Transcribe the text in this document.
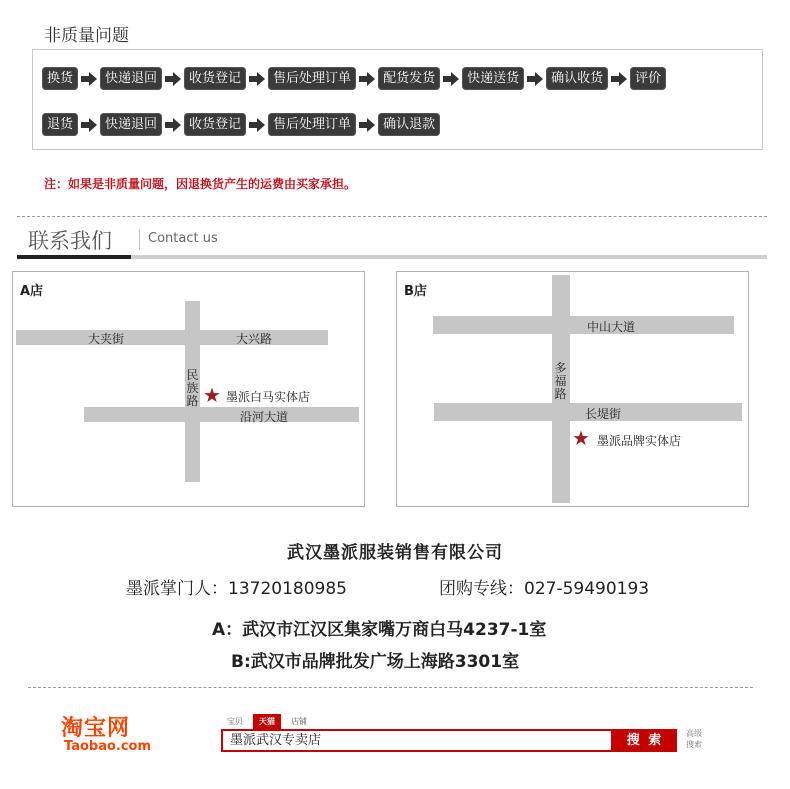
非质量问题
换货	快递退回	收货登记	售后处理订单	配货发货	快递送货	确认收货	评价
退货	快递退回	收货登记	售后处理订单	确认退款
注：如果是非质量问题，因退换货产生的运费由买家承担。
联系我们	Contact us
A店
大夹街	大兴路
民族路
沿河大道
★ 墨派白马实体店
B店
中山大道
多福路
长堤街
★ 墨派品牌实体店
武汉墨派服装销售有限公司
墨派掌门人：13720180985	团购专线：027-59490193
A：武汉市江汉区集家嘴万商白马4237-1室
B:武汉市品牌批发广场上海路3301室
淘宝网
Taobao.com
宝贝	天猫	店铺
墨派武汉专卖店	搜 索	高级
搜索
